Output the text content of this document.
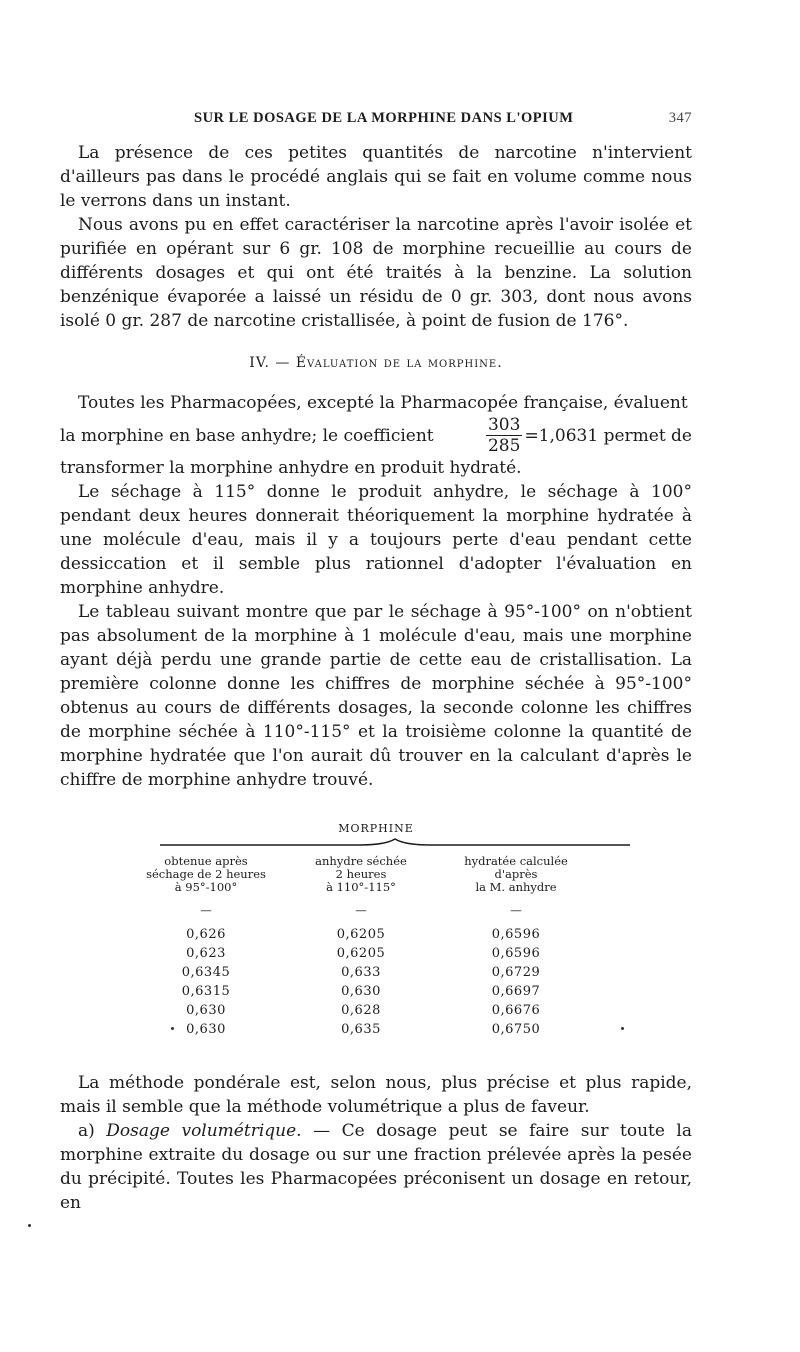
SUR LE DOSAGE DE LA MORPHINE DANS L'OPIUM	347

La présence de ces petites quantités de narcotine n'intervient d'ailleurs pas dans le procédé anglais qui se fait en volume comme nous le verrons dans un instant.

Nous avons pu en effet caractériser la narcotine après l'avoir isolée et purifiée en opérant sur 6 gr. 108 de morphine recueillie au cours de différents dosages et qui ont été traités à la benzine. La solution benzénique évaporée a laissé un résidu de 0 gr. 303, dont nous avons isolé 0 gr. 287 de narcotine cristallisée, à point de fusion de 176°.

IV. — Évaluation de la morphine.

Toutes les Pharmacopées, excepté la Pharmacopée française, évaluent

la morphine en base anhydre; le coefficient	$\frac{303}{285} =1,0631$ permet de

transformer la morphine anhydre en produit hydraté.

Le séchage à 115° donne le produit anhydre, le séchage à 100° pendant deux heures donnerait théoriquement la morphine hydratée à une molécule d'eau, mais il y a toujours perte d'eau pendant cette dessiccation et il semble plus rationnel d'adopter l'évaluation en morphine anhydre.

Le tableau suivant montre que par le séchage à 95°-100° on n'obtient pas absolument de la morphine à 1 molécule d'eau, mais une morphine ayant déjà perdu une grande partie de cette eau de cristallisation. La première colonne donne les chiffres de morphine séchée à 95°-100° obtenus au cours de différents dosages, la seconde colonne les chiffres de morphine séchée à 110°-115° et la troisième colonne la quantité de morphine hydratée que l'on aurait dû trouver en la calculant d'après le chiffre de morphine anhydre trouvé.

MORPHINE
obtenue après
séchage de 2 heures
à 95°-100°
—
0,626
0,623
0,6345
0,6315
0,630
0,630
anhydre séchée
2 heures
à 110°-115°
—
0,6205
0,6205
0,633
0,630
0,628
0,635
hydratée calculée
d'après
la M. anhydre
—
0,6596
0,6596
0,6729
0,6697
0,6676
0,6750

La méthode pondérale est, selon nous, plus précise et plus rapide, mais il semble que la méthode volumétrique a plus de faveur.

a) Dosage volumétrique. — Ce dosage peut se faire sur toute la morphine extraite du dosage ou sur une fraction prélevée après la pesée du précipité. Toutes les Pharmacopées préconisent un dosage en retour, en
